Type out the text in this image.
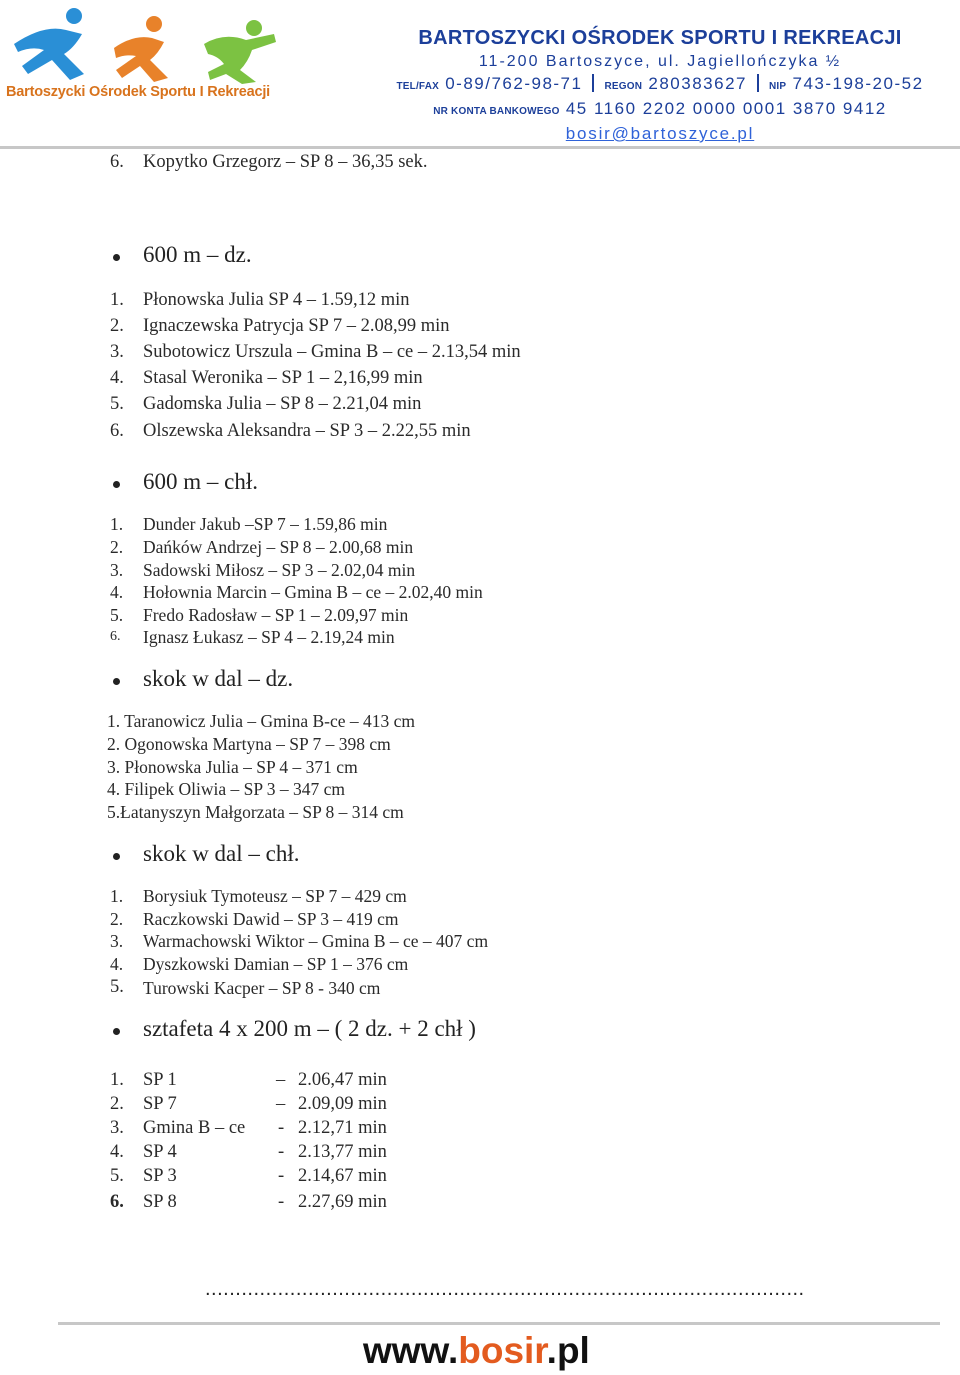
Bartoszycki Ośrodek Sportu I Rekreacji
BARTOSZYCKI OŚRODEK SPORTU I REKREACJI
11-200 Bartoszyce, ul. Jagiellończyka ½
TEL/FAX 0-89/762-98-71 REGON 280383627 NIP 743-198-20-52
NR KONTA BANKOWEGO 45 1160 2202 0000 0001 3870 9412
bosir@bartoszyce.pl
6. Kopytko Grzegorz – SP 8 – 36,35 sek.
600 m – dz.
1. Płonowska Julia SP 4 – 1.59,12 min
2. Ignaczewska Patrycja SP 7 – 2.08,99 min
3. Subotowicz Urszula – Gmina B – ce – 2.13,54 min
4. Stasal Weronika – SP 1 – 2,16,99 min
5. Gadomska Julia – SP 8 – 2.21,04 min
6. Olszewska Aleksandra – SP 3 – 2.22,55 min
600 m – chł.
1. Dunder Jakub –SP 7 – 1.59,86 min
2. Dańków Andrzej – SP 8 – 2.00,68 min
3. Sadowski Miłosz – SP 3 – 2.02,04 min
4. Hołownia Marcin – Gmina B – ce – 2.02,40 min
5. Fredo Radosław – SP 1 – 2.09,97 min
6. Ignasz Łukasz – SP 4 – 2.19,24 min
skok w dal – dz.
1. Taranowicz Julia – Gmina B-ce – 413 cm
2. Ogonowska Martyna – SP 7 – 398 cm
3. Płonowska Julia – SP 4 – 371 cm
4. Filipek Oliwia – SP 3 – 347 cm
5.Łatanyszyn Małgorzata – SP 8 – 314 cm
skok w dal – chł.
1. Borysiuk Tymoteusz – SP 7 – 429 cm
2. Raczkowski Dawid – SP 3 – 419 cm
3. Warmachowski Wiktor – Gmina B – ce – 407 cm
4. Dyszkowski Damian – SP 1 – 376 cm
5. Turowski Kacper – SP 8 - 340 cm
sztafeta 4 x 200 m – ( 2 dz. + 2 chł )
1. SP 1	– 2.06,47 min
2. SP 7	– 2.09,09 min
3. Gmina B – ce - 2.12,71 min
4. SP 4	- 2.13,77 min
5. SP 3	- 2.14,67 min
6. SP 8	- 2.27,69 min
...................................................................................................
www.bosir.pl
